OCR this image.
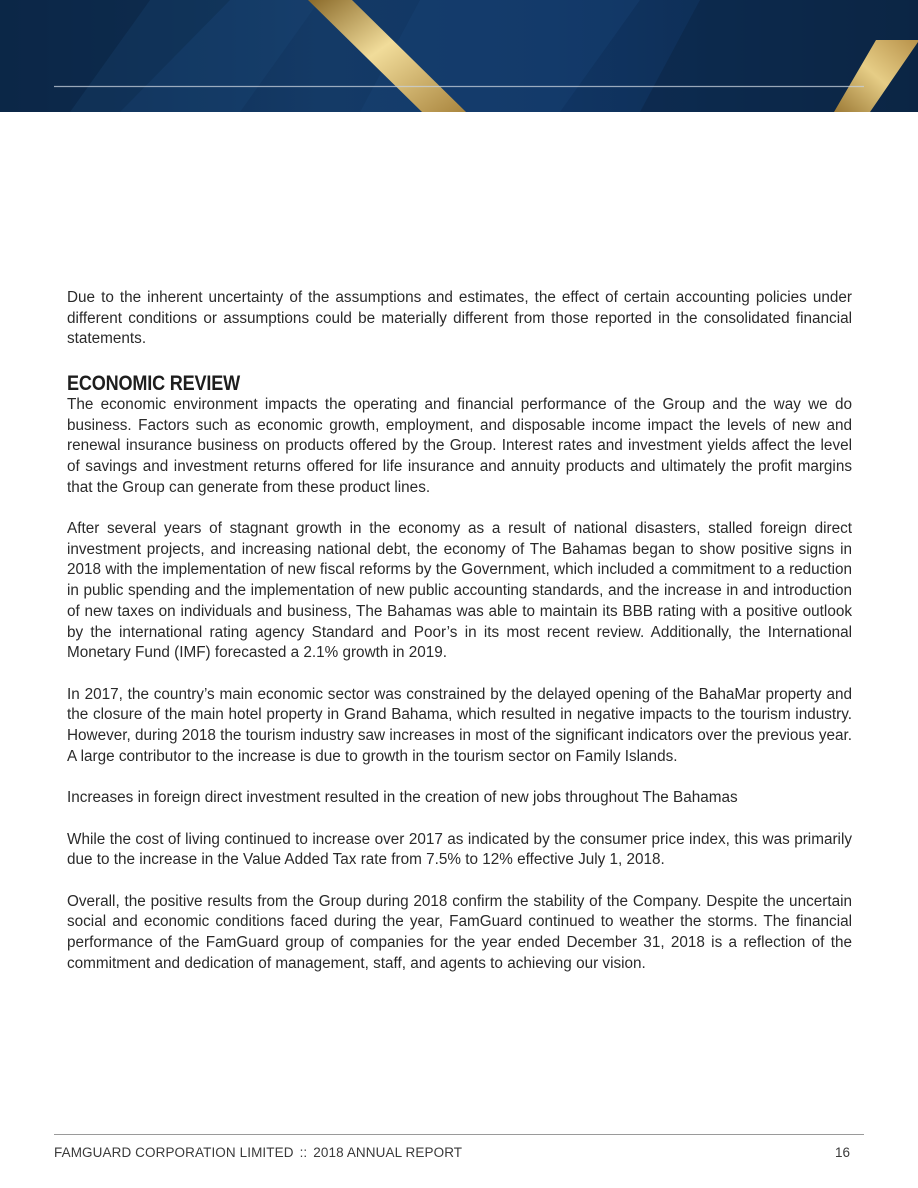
Due to the inherent uncertainty of the assumptions and estimates, the effect of certain accounting policies under different conditions or assumptions could be materially different from those reported in the consolidated financial statements.

ECONOMIC REVIEW

The economic environment impacts the operating and financial performance of the Group and the way we do business. Factors such as economic growth, employment, and disposable income impact the levels of new and renewal insurance business on products offered by the Group. Interest rates and investment yields affect the level of savings and investment returns offered for life insurance and annuity products and ultimately the profit margins that the Group can generate from these product lines.

After several years of stagnant growth in the economy as a result of national disasters, stalled foreign direct investment projects, and increasing national debt, the economy of The Bahamas began to show positive signs in 2018 with the implementation of new fiscal reforms by the Government, which included a commitment to a reduction in public spending and the implementation of new public accounting standards, and the increase in and introduction of new taxes on individuals and business, The Bahamas was able to maintain its BBB rating with a positive outlook by the international rating agency Standard and Poor’s in its most recent review. Additionally, the International Monetary Fund (IMF) forecasted a 2.1% growth in 2019.

In 2017, the country’s main economic sector was constrained by the delayed opening of the BahaMar property and the closure of the main hotel property in Grand Bahama, which resulted in negative impacts to the tourism industry. However, during 2018 the tourism industry saw increases in most of the significant indicators over the previous year. A large contributor to the increase is due to growth in the tourism sector on Family Islands.

Increases in foreign direct investment resulted in the creation of new jobs throughout The Bahamas

While the cost of living continued to increase over 2017 as indicated by the consumer price index, this was primarily due to the increase in the Value Added Tax rate from 7.5% to 12% effective July 1, 2018.

Overall, the positive results from the Group during 2018 confirm the stability of the Company. Despite the uncertain social and economic conditions faced during the year, FamGuard continued to weather the storms. The financial performance of the FamGuard group of companies for the year ended December 31, 2018 is a reflection of the commitment and dedication of management, staff, and agents to achieving our vision.

FAMGUARD CORPORATION LIMITED :: 2018 ANNUAL REPORT	16
